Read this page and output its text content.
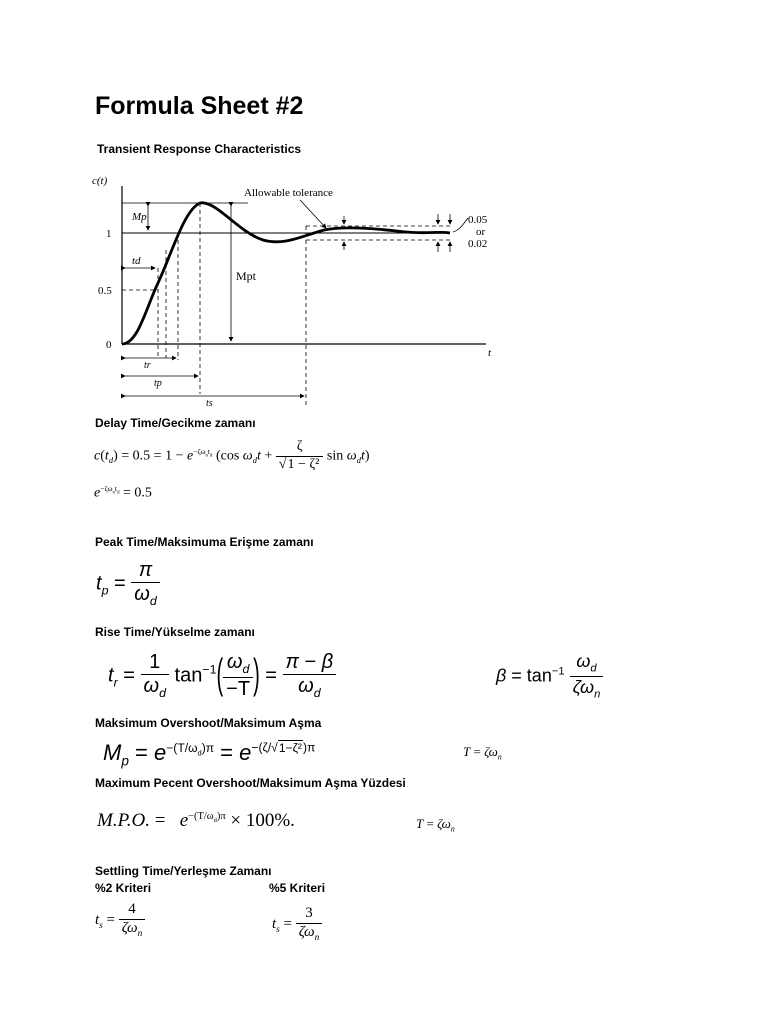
Formula Sheet #2
Transient Response Characteristics
c(t)
t
1
0.5
0
Mp
td
Mpt
Allowable tolerance
0.05
or
0.02
tr
tp
ts
Delay Time/Gecikme zamanı
$c(t_d) = 0.5 = 1 - e^{-\zeta\omega_nt_d}$ (cos $\omega_dt + \frac{\zeta}{\text{√1 − ζ²}}$ $\sin \omega_dt$)
$e^{-\zeta\omega_nt_d} = 0.5$
Peak Time/Maksimuma Erişme zamanı
$t_p = \frac{\pi}{\omega_d}$
Rise Time/Yükselme zamanı
$t_r = \frac{1}{\omega_d} \tan^{-1}( \frac{\omega_d}{-T}$ ) = $\frac{\pi - \beta}{\omega_d}$	$\beta = \tan^{-1} \frac{\omega_d}{\zeta\omega_n}$
Maksimum Overshoot/Maksimum Aşma
$M_p = e^{-(T/\omega_d)\pi} = e^{-(\zeta/√1-\zeta^2)\pi}$	$T = \zeta\omega_n$
Maximum Pecent Overshoot/Maksimum Aşma Yüzdesi
M.P.O. =   $e^{-(T/\omega_d)\pi} \times 100\%$.	$T = \zeta\omega_n$
Settling Time/Yerleşme Zamanı
%2 Kriteri	%5 Kriteri
$t_s = \frac{4}{\zeta\omega_n}$	$t_s = \frac{3}{\zeta\omega_n}$
